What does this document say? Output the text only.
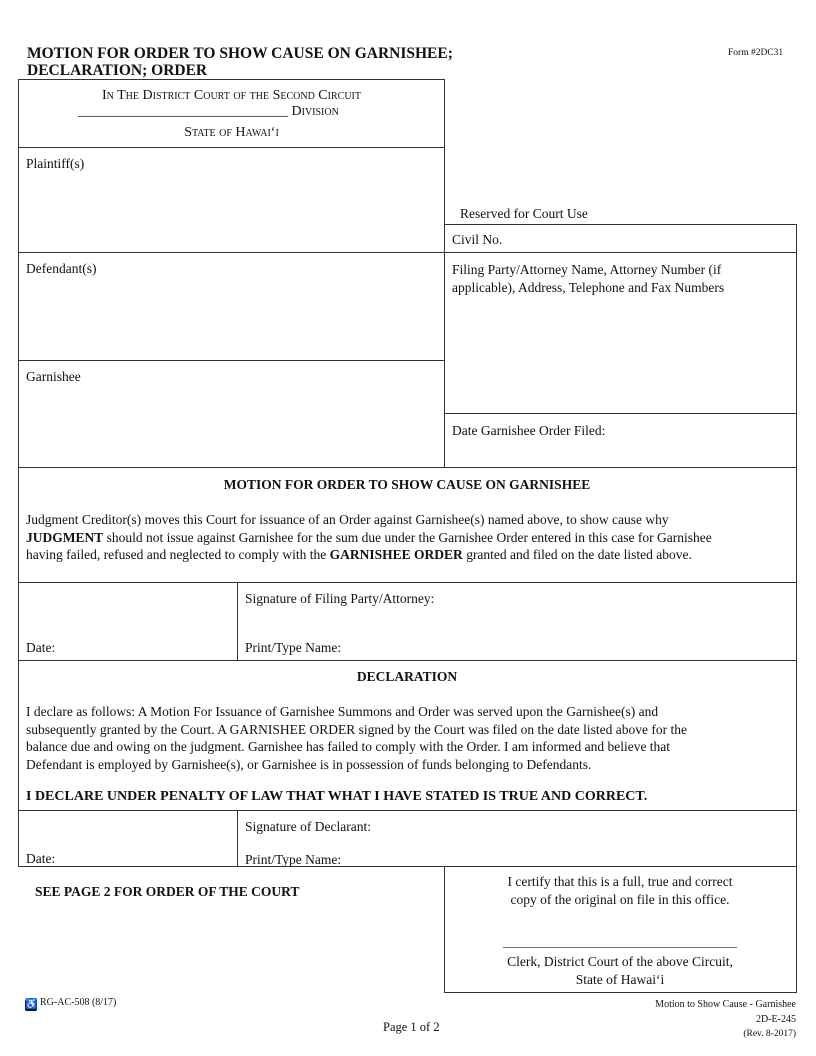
MOTION FOR ORDER TO SHOW CAUSE ON GARNISHEE;
DECLARATION; ORDER
Form #2DC31
In The District Court of the Second Circuit
______________________________ Division
State of Hawai‘i
Plaintiff(s)
Defendant(s)
Garnishee
Reserved for Court Use
Civil No.
Filing Party/Attorney Name, Attorney Number (if
applicable), Address, Telephone and Fax Numbers
Date Garnishee Order Filed:
MOTION FOR ORDER TO SHOW CAUSE ON GARNISHEE
Judgment Creditor(s) moves this Court for issuance of an Order against Garnishee(s) named above, to show cause why
JUDGMENT should not issue against Garnishee for the sum due under the Garnishee Order entered in this case for Garnishee
having failed, refused and neglected to comply with the GARNISHEE ORDER granted and filed on the date listed above.
Date:
Signature of Filing Party/Attorney:
Print/Type Name:
DECLARATION
I declare as follows: A Motion For Issuance of Garnishee Summons and Order was served upon the Garnishee(s) and
subsequently granted by the Court. A GARNISHEE ORDER signed by the Court was filed on the date listed above for the
balance due and owing on the judgment. Garnishee has failed to comply with the Order. I am informed and believe that
Defendant is employed by Garnishee(s), or Garnishee is in possession of funds belonging to Defendants.
I DECLARE UNDER PENALTY OF LAW THAT WHAT I HAVE STATED IS TRUE AND CORRECT.
Date:
Signature of Declarant:
Print/Type Name:
SEE PAGE 2 FOR ORDER OF THE COURT
I certify that this is a full, true and correct
copy of the original on file in this office.
_______________________________________
Clerk, District Court of the above Circuit,
State of Hawai‘i
♿ RG-AC-508 (8/17)
Page 1 of 2
Motion to Show Cause - Garnishee
2D-E-245
(Rev. 8-2017)
